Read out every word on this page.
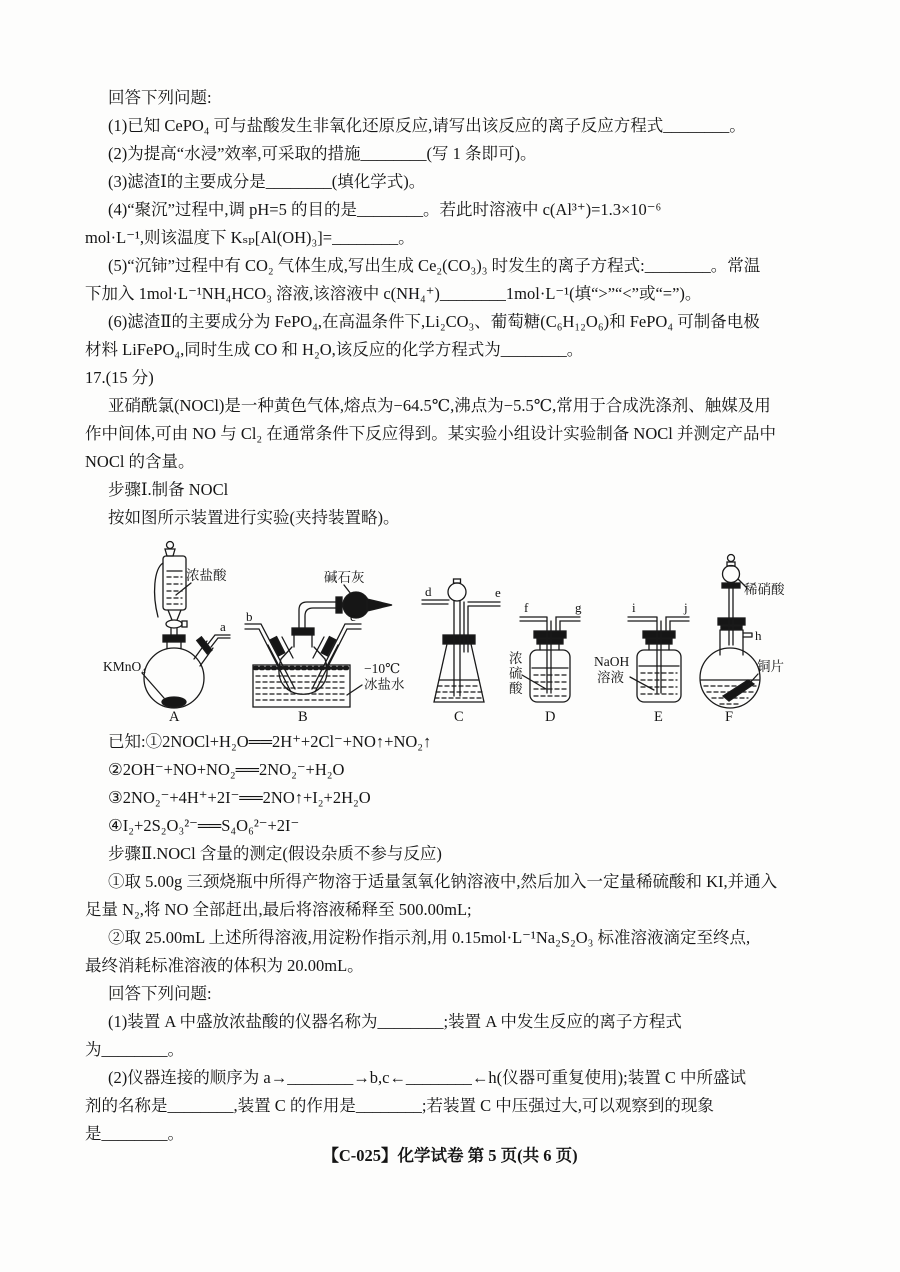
回答下列问题:
(1)已知 CePO₄ 可与盐酸发生非氧化还原反应,请写出该反应的离子反应方程式________。
(2)为提高“水浸”效率,可采取的措施________(写 1 条即可)。
(3)滤渣Ⅰ的主要成分是________(填化学式)。
(4)“聚沉”过程中,调 pH=5 的目的是________。若此时溶液中 c(Al³⁺)=1.3×10⁻⁶
mol·L⁻¹,则该温度下 Kₛₚ[Al(OH)₃]=________。
(5)“沉铈”过程中有 CO₂ 气体生成,写出生成 Ce₂(CO₃)₃ 时发生的离子方程式:________。常温
下加入 1mol·L⁻¹NH₄HCO₃ 溶液,该溶液中 c(NH₄⁺)________1mol·L⁻¹(填“>”“<”或“=”)。
(6)滤渣Ⅱ的主要成分为 FePO₄,在高温条件下,Li₂CO₃、葡萄糖(C₆H₁₂O₆)和 FePO₄ 可制备电极
材料 LiFePO₄,同时生成 CO 和 H₂O,该反应的化学方程式为________。
17.(15 分)
亚硝酰氯(NOCl)是一种黄色气体,熔点为−64.5℃,沸点为−5.5℃,常用于合成洗涤剂、触媒及用
作中间体,可由 NO 与 Cl₂ 在通常条件下反应得到。某实验小组设计实验制备 NOCl 并测定产品中
NOCl 的含量。
步骤Ⅰ.制备 NOCl
按如图所示装置进行实验(夹持装置略)。
KMnO₄
浓盐酸
a
A
碱石灰
b	c
−10℃
冰盐水
B
d	e
C
f	g
浓
硫
酸
D
i	j
NaOH
溶液
E
稀硝酸
h
铜片
F
已知:①2NOCl+H₂O══2H⁺+2Cl⁻+NO↑+NO₂↑
②2OH⁻+NO+NO₂══2NO₂⁻+H₂O
③2NO₂⁻+4H⁺+2I⁻══2NO↑+I₂+2H₂O
④I₂+2S₂O₃²⁻══S₄O₆²⁻+2I⁻
步骤Ⅱ.NOCl 含量的测定(假设杂质不参与反应)
①取 5.00g 三颈烧瓶中所得产物溶于适量氢氧化钠溶液中,然后加入一定量稀硫酸和 KI,并通入
足量 N₂,将 NO 全部赶出,最后将溶液稀释至 500.00mL;
②取 25.00mL 上述所得溶液,用淀粉作指示剂,用 0.15mol·L⁻¹Na₂S₂O₃ 标准溶液滴定至终点,
最终消耗标准溶液的体积为 20.00mL。
回答下列问题:
(1)装置 A 中盛放浓盐酸的仪器名称为________;装置 A 中发生反应的离子方程式
为________。
(2)仪器连接的顺序为 a→________→b,c←________←h(仪器可重复使用);装置 C 中所盛试
剂的名称是________,装置 C 的作用是________;若装置 C 中压强过大,可以观察到的现象
是________。
【C-025】化学试卷 第 5 页(共 6 页)
